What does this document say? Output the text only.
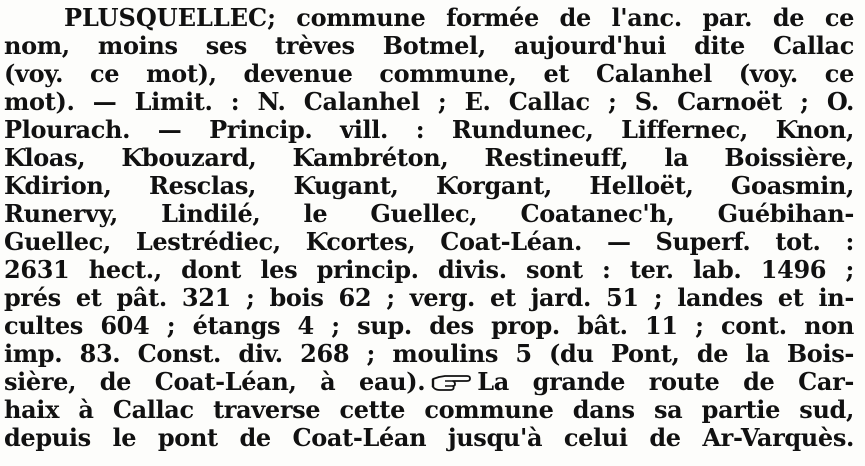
PLUSQUELLEC; commune formée de l'anc. par. de ce
nom, moins ses trèves Botmel, aujourd'hui dite Callac
(voy. ce mot), devenue commune, et Calanhel (voy. ce
mot). — Limit. : N. Calanhel ; E. Callac ; S. Carnoët ; O.
Plourach. — Princip. vill. : Rundunec, Liffernec, Ƙnon,
Ƙloas, Ƙbouzard, Ƙambréton, Restineuff, la Boissière,
Ƙdirion, Resclas, Ƙugant, Ƙorgant, Helloët, Goasmin,
Runervy, Lindilé, le Guellec, Coatanec'h, Guébihan-
Guellec, Lestrédiec, Ƙcortes, Coat-Léan. — Superf. tot. :
2631 hect., dont les princip. divis. sont : ter. lab. 1496 ;
prés et pât. 321 ; bois 62 ; verg. et jard. 51 ; landes et in-
cultes 604 ; étangs 4 ; sup. des prop. bât. 11 ; cont. non
imp. 83. Const. div. 268 ; moulins 5 (du Pont, de la Bois-
sière, de Coat-Léan, à eau). La grande route de Car-
haix à Callac traverse cette commune dans sa partie sud,
depuis le pont de Coat-Léan jusqu'à celui de Ar-Varquès.
